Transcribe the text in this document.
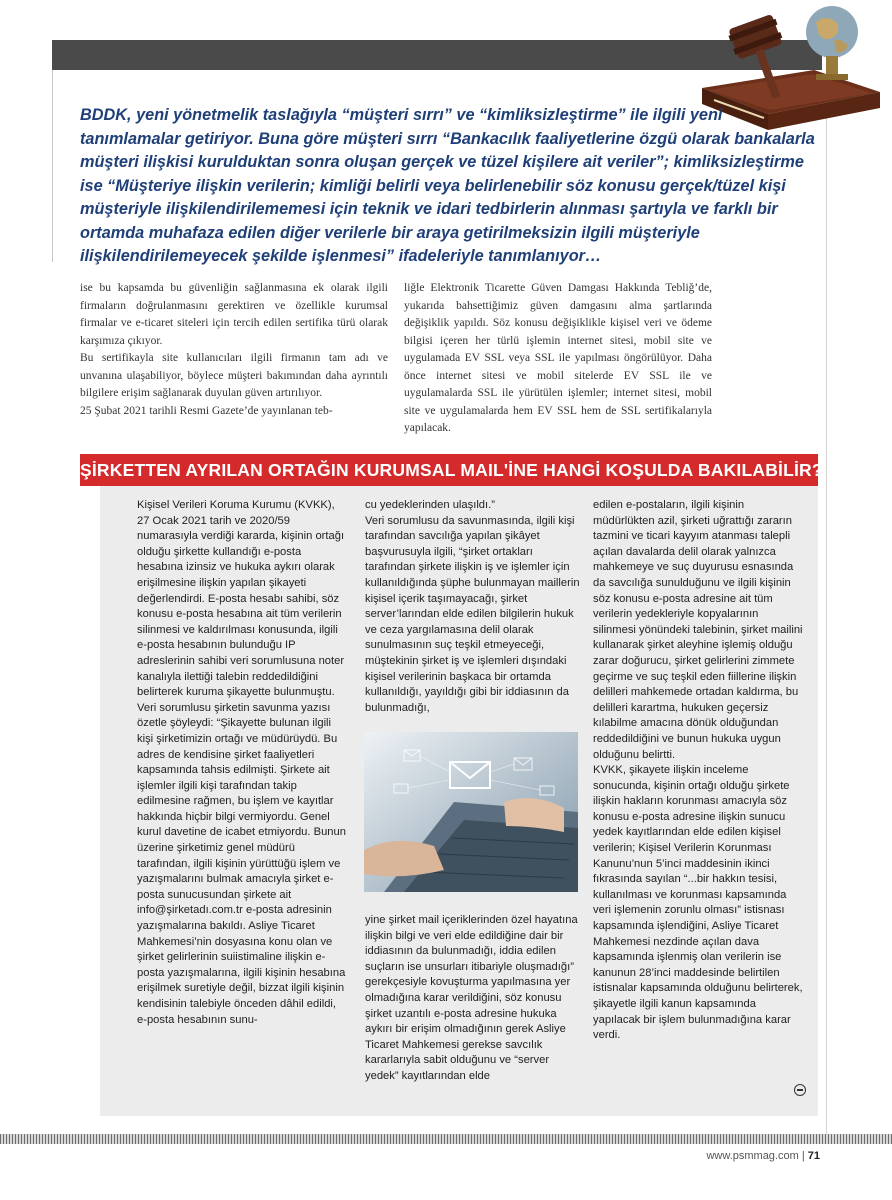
BDDK, yeni yönetmelik taslağıyla “müşteri sırrı” ve “kimliksizleştirme” ile ilgili yeni tanımlamalar getiriyor. Buna göre müşteri sırrı “Bankacılık faaliyetlerine özgü olarak bankalarla müşteri ilişkisi kurulduktan sonra oluşan gerçek ve tüzel kişilere ait veriler”; kimliksizleştirme ise “Müşteriye ilişkin verilerin; kimliği belirli veya belirlenebilir söz konusu gerçek/tüzel kişi müşteriyle ilişkilendirilememesi için teknik ve idari tedbirlerin alınması şartıyla ve farklı bir ortamda muhafaza edilen diğer verilerle bir araya getirilmeksizin ilgili müşteriyle ilişkilendirilemeyecek şekilde işlenmesi” ifadeleriyle tanımlanıyor…

ise bu kapsamda bu güvenliğin sağlanmasına ek olarak ilgili firmaların doğrulanmasını gerektiren ve özellikle kurumsal firmalar ve e-ticaret siteleri için tercih edilen sertifika türü olarak karşımıza çıkıyor.

Bu sertifikayla site kullanıcıları ilgili firmanın tam adı ve unvanına ulaşabiliyor, böylece müşteri bakımından daha ayrıntılı bilgilere erişim sağlanarak duyulan güven artırılıyor.

25 Şubat 2021 tarihli Resmi Gazete’de yayınlanan teb-

liğle Elektronik Ticarette Güven Damgası Hakkında Tebliğ’de, yukarıda bahsettiğimiz güven damgasını alma şartlarında değişiklik yapıldı. Söz konusu değişiklikle kişisel veri ve ödeme bilgisi içeren her türlü işlemin internet sitesi, mobil site ve uygulamada EV SSL veya SSL ile yapılması öngörülüyor. Daha önce internet sitesi ve mobil sitelerde EV SSL ile ve uygulamalarda SSL ile yürütülen işlemler; internet sitesi, mobil site ve uygulamalarda hem EV SSL hem de SSL sertifikalarıyla yapılacak.

ŞİRKETTEN AYRILAN ORTAĞIN KURUMSAL MAIL'İNE HANGİ KOŞULDA BAKILABİLİR?

Kişisel Verileri Koruma Kurumu (KVKK), 27 Ocak 2021 tarih ve 2020/59 numarasıyla verdiği kararda, kişinin ortağı olduğu şirkette kullandığı e-posta hesabına izinsiz ve hukuka aykırı olarak erişilmesine ilişkin yapılan şikayeti değerlendirdi. E-posta hesabı sahibi, söz konusu e-posta hesabına ait tüm verilerin silinmesi ve kaldırılması konusunda, ilgili e-posta hesabının bulunduğu IP adreslerinin sahibi veri sorumlusuna noter kanalıyla ilettiği talebin reddedildiğini belirterek kuruma şikayette bulunmuştu.

Veri sorumlusu şirketin savunma yazısı özetle şöyleydi: “Şikayette bulunan ilgili kişi şirketimizin ortağı ve müdürüydü. Bu adres de kendisine şirket faaliyetleri kapsamında tahsis edilmişti. Şirkete ait işlemler ilgili kişi tarafından takip edilmesine rağmen, bu işlem ve kayıtlar hakkında hiçbir bilgi vermiyordu. Genel kurul davetine de icabet etmiyordu. Bunun üzerine şirketimiz genel müdürü tarafından, ilgili kişinin yürüttüğü işlem ve yazışmalarını bulmak amacıyla şirket e-posta sunucusundan şirkete ait info@şirketadı.com.tr e-posta adresinin yazışmalarına bakıldı. Asliye Ticaret Mahkemesi’nin dosyasına konu olan ve şirket gelirlerinin suiistimaline ilişkin e-posta yazışmalarına, ilgili kişinin hesabına erişilmek suretiyle değil, bizzat ilgili kişinin kendisinin talebiyle önceden dâhil edildi, e-posta hesabının sunu-

cu yedeklerinden ulaşıldı.”

Veri sorumlusu da savunmasında, ilgili kişi tarafından savcılığa yapılan şikâyet başvurusuyla ilgili, “şirket ortakları tarafından şirkete ilişkin iş ve işlemler için kullanıldığında şüphe bulunmayan maillerin kişisel içerik taşımayacağı, şirket server’larından elde edilen bilgilerin hukuk ve ceza yargılamasına delil olarak sunulmasının suç teşkil etmeyeceği, müştekinin şirket iş ve işlemleri dışındaki kişisel verilerinin başkaca bir ortamda kullanıldığı, yayıldığı gibi bir iddiasının da bulunmadığı,

yine şirket mail içeriklerinden özel hayatına ilişkin bilgi ve veri elde edildiğine dair bir iddiasının da bulunmadığı, iddia edilen suçların ise unsurları itibariyle oluşmadığı” gerekçesiyle kovuşturma yapılmasına yer olmadığına karar verildiğini, söz konusu şirket uzantılı e-posta adresine hukuka aykırı bir erişim olmadığının gerek Asliye Ticaret Mahkemesi gerekse savcılık kararlarıyla sabit olduğunu ve “server yedek” kayıtlarından elde

edilen e-postaların, ilgili kişinin müdürlükten azil, şirketi uğrattığı zararın tazmini ve ticari kayyım atanması talepli açılan davalarda delil olarak yalnızca mahkemeye ve suç duyurusu esnasında da savcılığa sunulduğunu ve ilgili kişinin söz konusu e-posta adresine ait tüm verilerin yedekleriyle kopyalarının silinmesi yönündeki talebinin, şirket mailini kullanarak şirket aleyhine işlemiş olduğu zarar doğurucu, şirket gelirlerini zimmete geçirme ve suç teşkil eden fiillerine ilişkin delilleri mahkemede ortadan kaldırma, bu delilleri karartma, hukuken geçersiz kılabilme amacına dönük olduğundan reddedildiğini ve bunun hukuka uygun olduğunu belirtti.

KVKK, şikayete ilişkin inceleme sonucunda, kişinin ortağı olduğu şirkete ilişkin hakların korunması amacıyla söz konusu e-posta adresine ilişkin sunucu yedek kayıtlarından elde edilen kişisel verilerin; Kişisel Verilerin Korunması Kanunu’nun 5’inci maddesinin ikinci fıkrasında sayılan “...bir hakkın tesisi, kullanılması ve korunması kapsamında veri işlemenin zorunlu olması” istisnası kapsamında işlendiğini, Asliye Ticaret Mahkemesi nezdinde açılan dava kapsamında işlenmiş olan verilerin ise kanunun 28’inci maddesinde belirtilen istisnalar kapsamında olduğunu belirterek, şikayetle ilgili kanun kapsamında yapılacak bir işlem bulunmadığına karar verdi.

www.psmmag.com | 71
